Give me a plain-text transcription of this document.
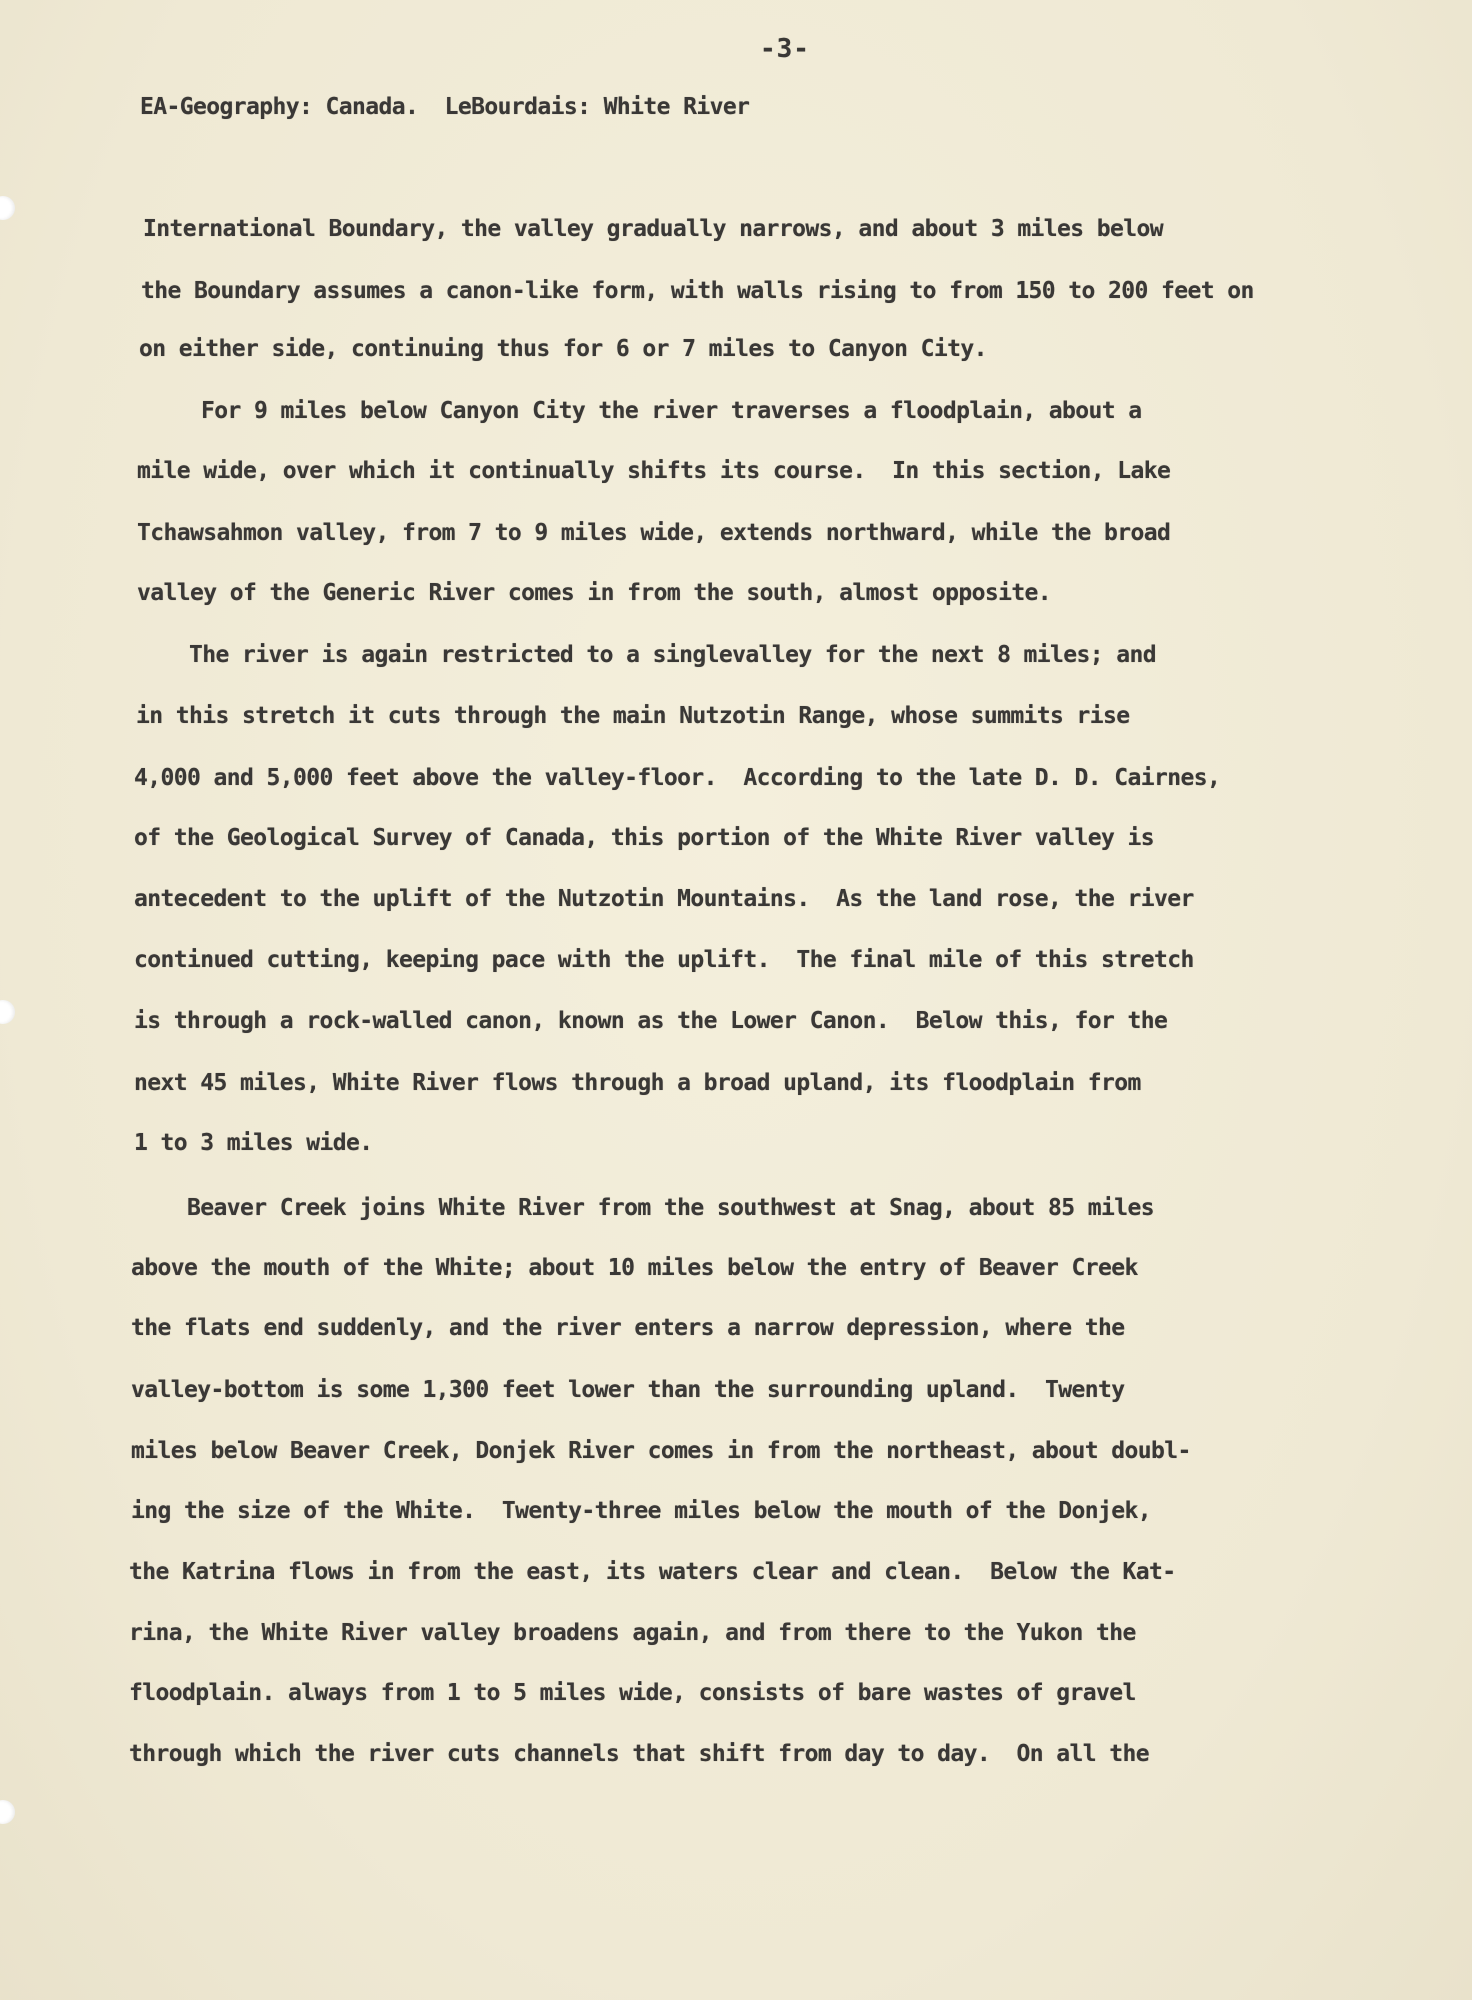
-3-

EA-Geography: Canada.  LeBourdais: White River

International Boundary, the valley gradually narrows, and about 3 miles below

the Boundary assumes a canon-like form, with walls rising to from 150 to 200 feet on

on either side, continuing thus for 6 or 7 miles to Canyon City.

For 9 miles below Canyon City the river traverses a floodplain, about a

mile wide, over which it continually shifts its course.  In this section, Lake

Tchawsahmon valley, from 7 to 9 miles wide, extends northward, while the broad

valley of the Generic River comes in from the south, almost opposite.

The river is again restricted to a singlevalley for the next 8 miles; and

in this stretch it cuts through the main Nutzotin Range, whose summits rise

4,000 and 5,000 feet above the valley-floor.  According to the late D. D. Cairnes,

of the Geological Survey of Canada, this portion of the White River valley is

antecedent to the uplift of the Nutzotin Mountains.  As the land rose, the river

continued cutting, keeping pace with the uplift.  The final mile of this stretch

is through a rock-walled canon, known as the Lower Canon.  Below this, for the

next 45 miles, White River flows through a broad upland, its floodplain from

1 to 3 miles wide.

Beaver Creek joins White River from the southwest at Snag, about 85 miles

above the mouth of the White; about 10 miles below the entry of Beaver Creek

the flats end suddenly, and the river enters a narrow depression, where the

valley-bottom is some 1,300 feet lower than the surrounding upland.  Twenty

miles below Beaver Creek, Donjek River comes in from the northeast, about doubl-

ing the size of the White.  Twenty-three miles below the mouth of the Donjek,

the Katrina flows in from the east, its waters clear and clean.  Below the Kat-

rina, the White River valley broadens again, and from there to the Yukon the

floodplain. always from 1 to 5 miles wide, consists of bare wastes of gravel

through which the river cuts channels that shift from day to day.  On all the
